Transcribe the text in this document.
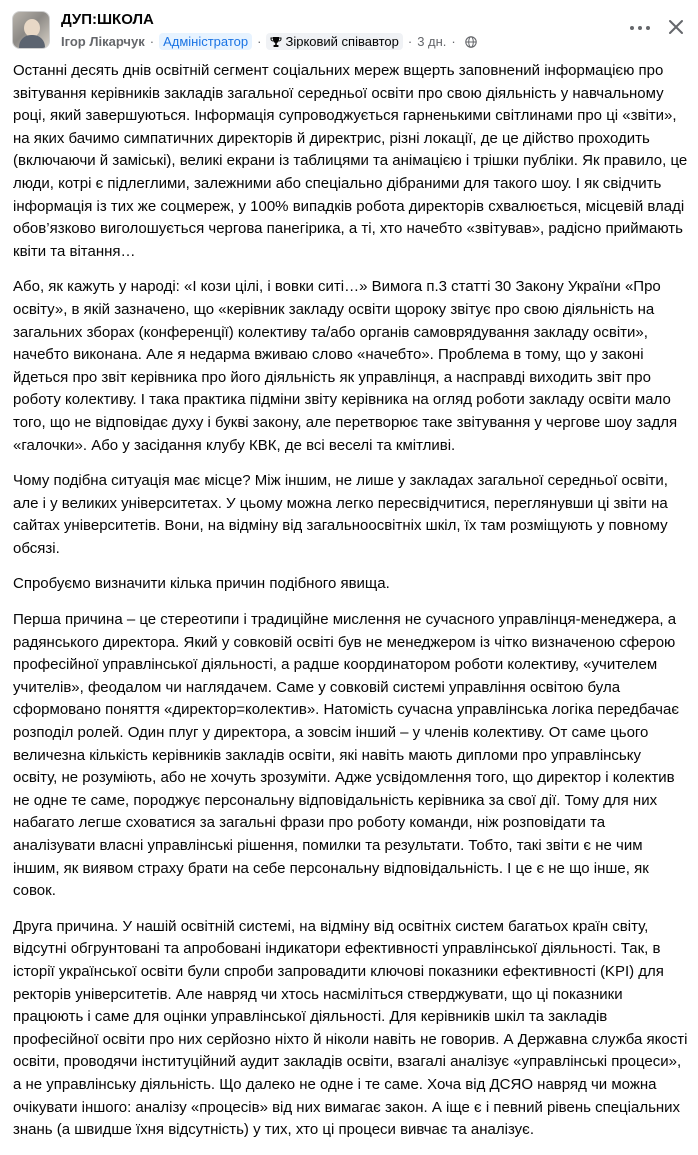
ДУП:ШКОЛА
Ігор Лікарчук · Адміністратор · Зірковий співавтор · 3 дн. ·

Останні десять днів освітній сегмент соціальних мереж вщерть заповнений інформацією про звітування керівників закладів загальної середньої освіти про свою діяльність у навчальному році, який завершуються. Інформація супроводжується гарненькими світлинами про ці «звіти», на яких бачимо симпатичних директорів й директрис, різні локації, де це дійство проходить (включаючи й заміські), великі екрани із таблицями та анімацією і трішки публіки. Як правило, це люди, котрі є підлеглими, залежними або спеціально дібраними для такого шоу. І як свідчить інформація із тих же соцмереж, у 100% випадків робота директорів схвалюється, місцевій владі обов’язково виголошується чергова панегірика, а ті, хто начебто «звітував», радісно приймають квіти та вітання…

Або, як кажуть у народі: «І кози цілі, і вовки ситі…» Вимога п.3 статті 30 Закону України «Про освіту», в якій зазначено, що «керівник закладу освіти щороку звітує про свою діяльність на загальних зборах (конференції) колективу та/або органів самоврядування закладу освіти», начебто виконана. Але я недарма вживаю слово «начебто». Проблема в тому, що у законі йдеться про звіт керівника про його діяльність як управлінця, а насправді виходить звіт про роботу колективу. І така практика підміни звіту керівника на огляд роботи закладу освіти мало того, що не відповідає духу і букві закону, але перетворює таке звітування у чергове шоу задля «галочки». Або у засідання клубу КВК, де всі веселі та кмітливі.

Чому подібна ситуація має місце? Між іншим, не лише у закладах загальної середньої освіти, але і у великих університетах. У цьому можна легко пересвідчитися, переглянувши ці звіти на сайтах університетів. Вони, на відміну від загальноосвітніх шкіл, їх там розміщують у повному обсязі.

Спробуємо визначити кілька причин подібного явища.

Перша причина – це стереотипи і традиційне мислення не сучасного управлінця-менеджера, а радянського директора. Який у совковій освіті був не менеджером із чітко визначеною сферою професійної управлінської діяльності, а радше координатором роботи колективу, «учителем учителів», феодалом чи наглядачем. Саме у совковій системі управління освітою була сформовано поняття «директор=колектив». Натомість сучасна управлінська логіка передбачає розподіл ролей. Один плуг у директора, а зовсім інший – у членів колективу. От саме цього величезна кількість керівників закладів освіти, які навіть мають дипломи про управлінську освіту, не розуміють, або не хочуть зрозуміти. Адже усвідомлення того, що директор і колектив не одне те саме, породжує персональну відповідальність керівника за свої дії. Тому для них набагато легше сховатися за загальні фрази про роботу команди, ніж розповідати та аналізувати власні управлінські рішення, помилки та результати. Тобто, такі звіти є не чим іншим, як виявом страху брати на себе персональну відповідальність. І це є не що інше, як совок.

Друга причина. У нашій освітній системі, на відміну від освітніх систем багатьох країн світу, відсутні обгрунтовані та апробовані індикатори ефективності управлінської діяльності. Так, в історії української освіти були спроби запровадити ключові показники ефективності (KPI) для ректорів університетів. Але навряд чи хтось насміліться стверджувати, що ці показники працюють і саме для оцінки управлінської діяльності. Для керівників шкіл та закладів професійної освіти про них серйозно ніхто й ніколи навіть не говорив. А Державна служба якості освіти, проводячи інституційний аудит закладів освіти, взагалі аналізує «управлінські процеси», а не управлінську діяльність. Що далеко не одне і те саме. Хоча від ДСЯО навряд чи можна очікувати іншого: аналізу «процесів» від них вимагає закон. А іще є і певний рівень спеціальних знань (а швидше їхня відсутність) у тих, хто ці процеси вивчає та аналізує.
